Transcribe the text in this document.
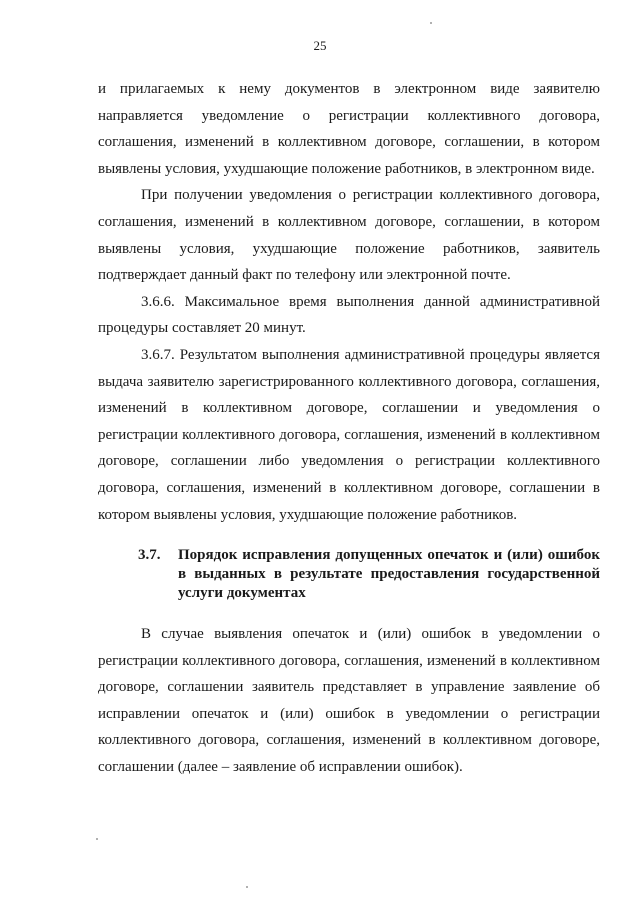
25

и прилагаемых к нему документов в электронном виде заявителю направляется уведомление о регистрации коллективного договора, соглашения, изменений в коллективном договоре, соглашении, в котором выявлены условия, ухудшающие положение работников, в электронном виде.

При получении уведомления о регистрации коллективного договора, соглашения, изменений в коллективном договоре, соглашении, в котором выявлены условия, ухудшающие положение работников, заявитель подтверждает данный факт по телефону или электронной почте.

3.6.6. Максимальное время выполнения данной административной процедуры составляет 20 минут.

3.6.7. Результатом выполнения административной процедуры является выдача заявителю зарегистрированного коллективного договора, соглашения, изменений в коллективном договоре, соглашении и уведомления о регистрации коллективного договора, соглашения, изменений в коллективном договоре, соглашении либо уведомления о регистрации коллективного договора, соглашения, изменений в коллективном договоре, соглашении в котором выявлены условия, ухудшающие положение работников.

3.7.	Порядок исправления допущенных опечаток и (или) ошибок в выданных в результате предоставления государственной услуги документах

В случае выявления опечаток и (или) ошибок в уведомлении о регистрации коллективного договора, соглашения, изменений в коллективном договоре, соглашении заявитель представляет в управление заявление об исправлении опечаток и (или) ошибок в уведомлении о регистрации коллективного договора, соглашения, изменений в коллективном договоре, соглашении (далее – заявление об исправлении ошибок).
